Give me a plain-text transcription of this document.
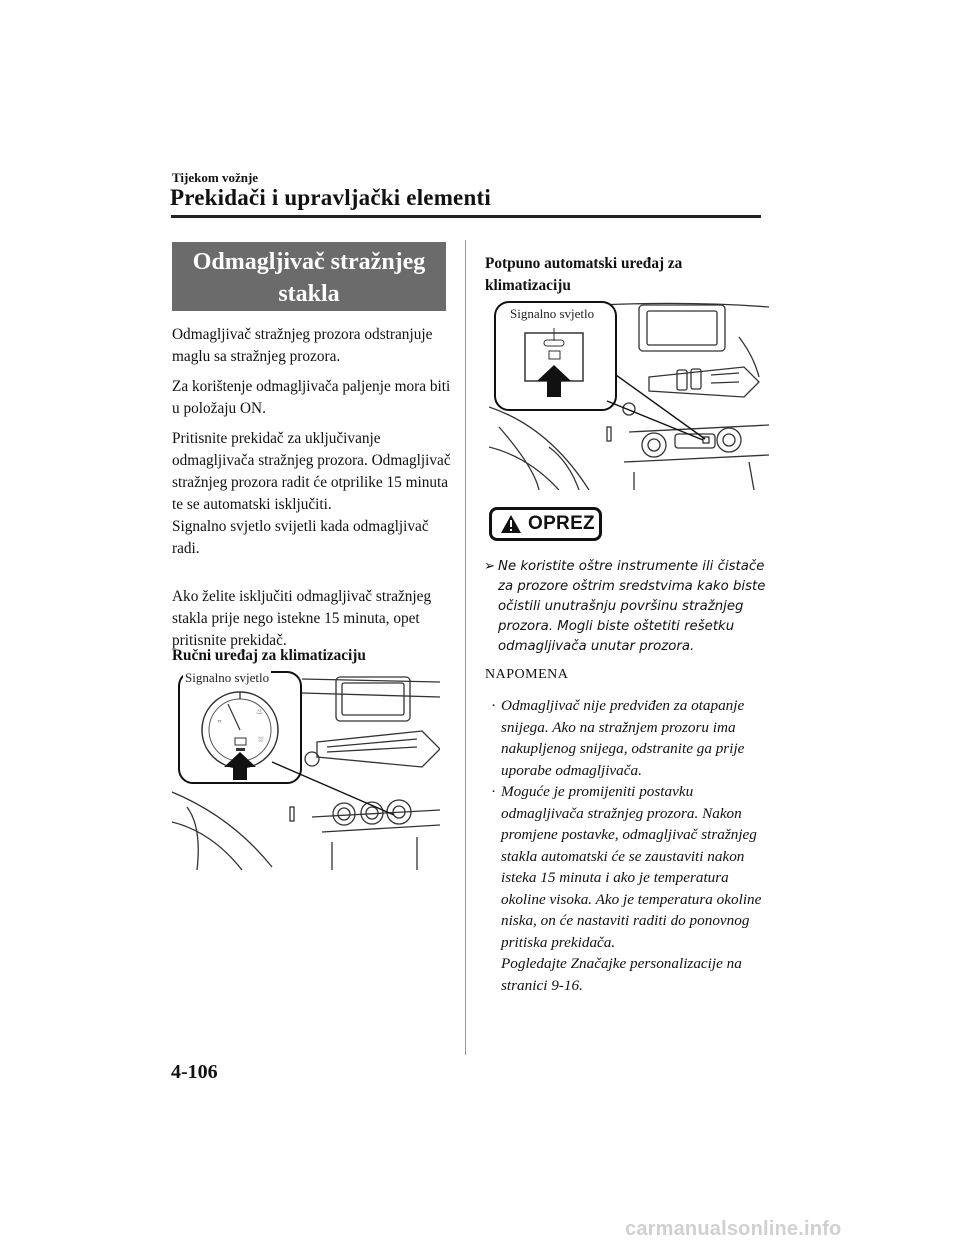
Tijekom vožnje
Prekidači i upravljački elementi
Odmagljivač stražnjeg
stakla
Odmagljivač stražnjeg prozora odstranjuje maglu sa stražnjeg prozora.
Za korištenje odmagljivača paljenje mora biti u položaju ON.
Pritisnite prekidač za uključivanje odmagljivača stražnjeg prozora. Odmagljivač stražnjeg prozora radit će otprilike 15 minuta te se automatski isključiti.
Signalno svjetlo svijetli kada odmagljivač radi.
Ako želite isključiti odmagljivač stražnjeg stakla prije nego istekne 15 minuta, opet pritisnite prekidač.
Ručni uređaj za klimatizaciju
ⁿ
♨
⛆
Signalno svjetlo
Potpuno automatski uređaj za
klimatizaciju
Signalno svjetlo
OPREZ
➢ Ne koristite oštre instrumente ili čistače za prozore oštrim sredstvima kako biste očistili unutrašnju površinu stražnjeg prozora. Mogli biste oštetiti rešetku odmagljivača unutar prozora.
NAPOMENA
· Odmagljivač nije predviđen za otapanje snijega. Ako na stražnjem prozoru ima nakupljenog snijega, odstranite ga prije uporabe odmagljivača.
· Moguće je promijeniti postavku odmagljivača stražnjeg prozora. Nakon promjene postavke, odmagljivač stražnjeg stakla automatski će se zaustaviti nakon isteka 15 minuta i ako je temperatura okoline visoka. Ako je temperatura okoline niska, on će nastaviti raditi do ponovnog pritiska prekidača.
Pogledajte Značajke personalizacije na stranici 9-16.
4-106
carmanualsonline.info
